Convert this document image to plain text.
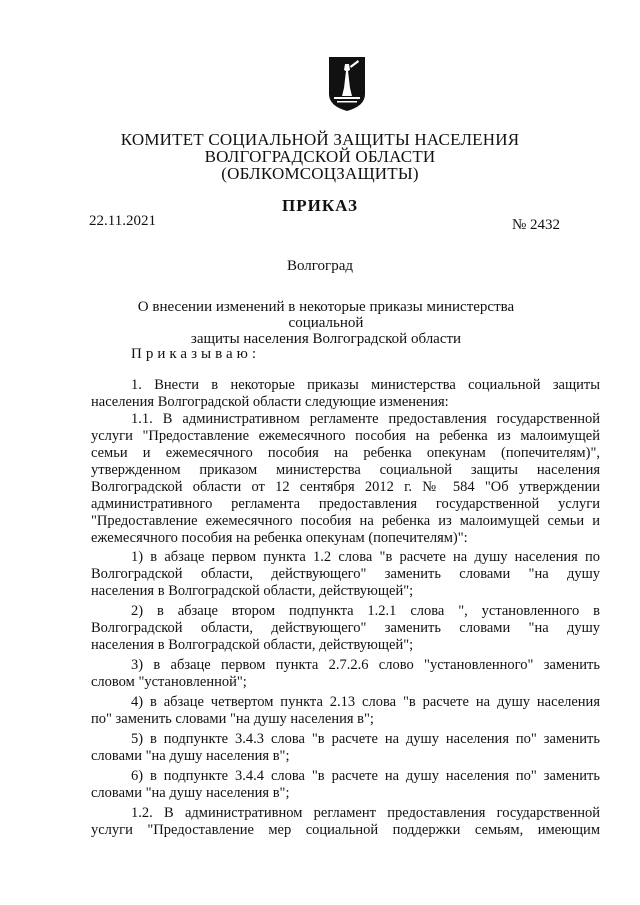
КОМИТЕТ СОЦИАЛЬНОЙ ЗАЩИТЫ НАСЕЛЕНИЯ
ВОЛГОГРАДСКОЙ ОБЛАСТИ
(ОБЛКОМСОЦЗАЩИТЫ)
ПРИКАЗ
22.11.2021	№ 2432
Волгоград
О внесении изменений в некоторые приказы министерства социальной
защиты населения Волгоградской области
Приказываю:
1. Внести в некоторые приказы министерства социальной защиты
населения Волгоградской области следующие изменения:
1.1. В административном регламенте предоставления государственной
услуги "Предоставление ежемесячного пособия на ребенка из малоимущей
семьи и ежемесячного пособия на ребенка опекунам (попечителям)",
утвержденном приказом министерства социальной защиты населения
Волгоградской области от 12 сентября 2012 г. № 584 "Об утверждении
административного регламента предоставления государственной услуги
"Предоставление ежемесячного пособия на ребенка из малоимущей семьи и
ежемесячного пособия на ребенка опекунам (попечителям)":
1) в абзаце первом пункта 1.2 слова "в расчете на душу населения по
Волгоградской области, действующего" заменить словами "на душу
населения в Волгоградской области, действующей";
2) в абзаце втором подпункта 1.2.1 слова ", установленного в
Волгоградской области, действующего" заменить словами "на душу
населения в Волгоградской области, действующей";
3) в абзаце первом пункта 2.7.2.6 слово "установленного" заменить
словом "установленной";
4) в абзаце четвертом пункта 2.13 слова "в расчете на душу населения
по" заменить словами "на душу населения в";
5) в подпункте 3.4.3 слова "в расчете на душу населения по" заменить
словами "на душу населения в";
6) в подпункте 3.4.4 слова "в расчете на душу населения по" заменить
словами "на душу населения в";
1.2. В административном регламент предоставления государственной
услуги "Предоставление мер социальной поддержки семьям, имеющим
